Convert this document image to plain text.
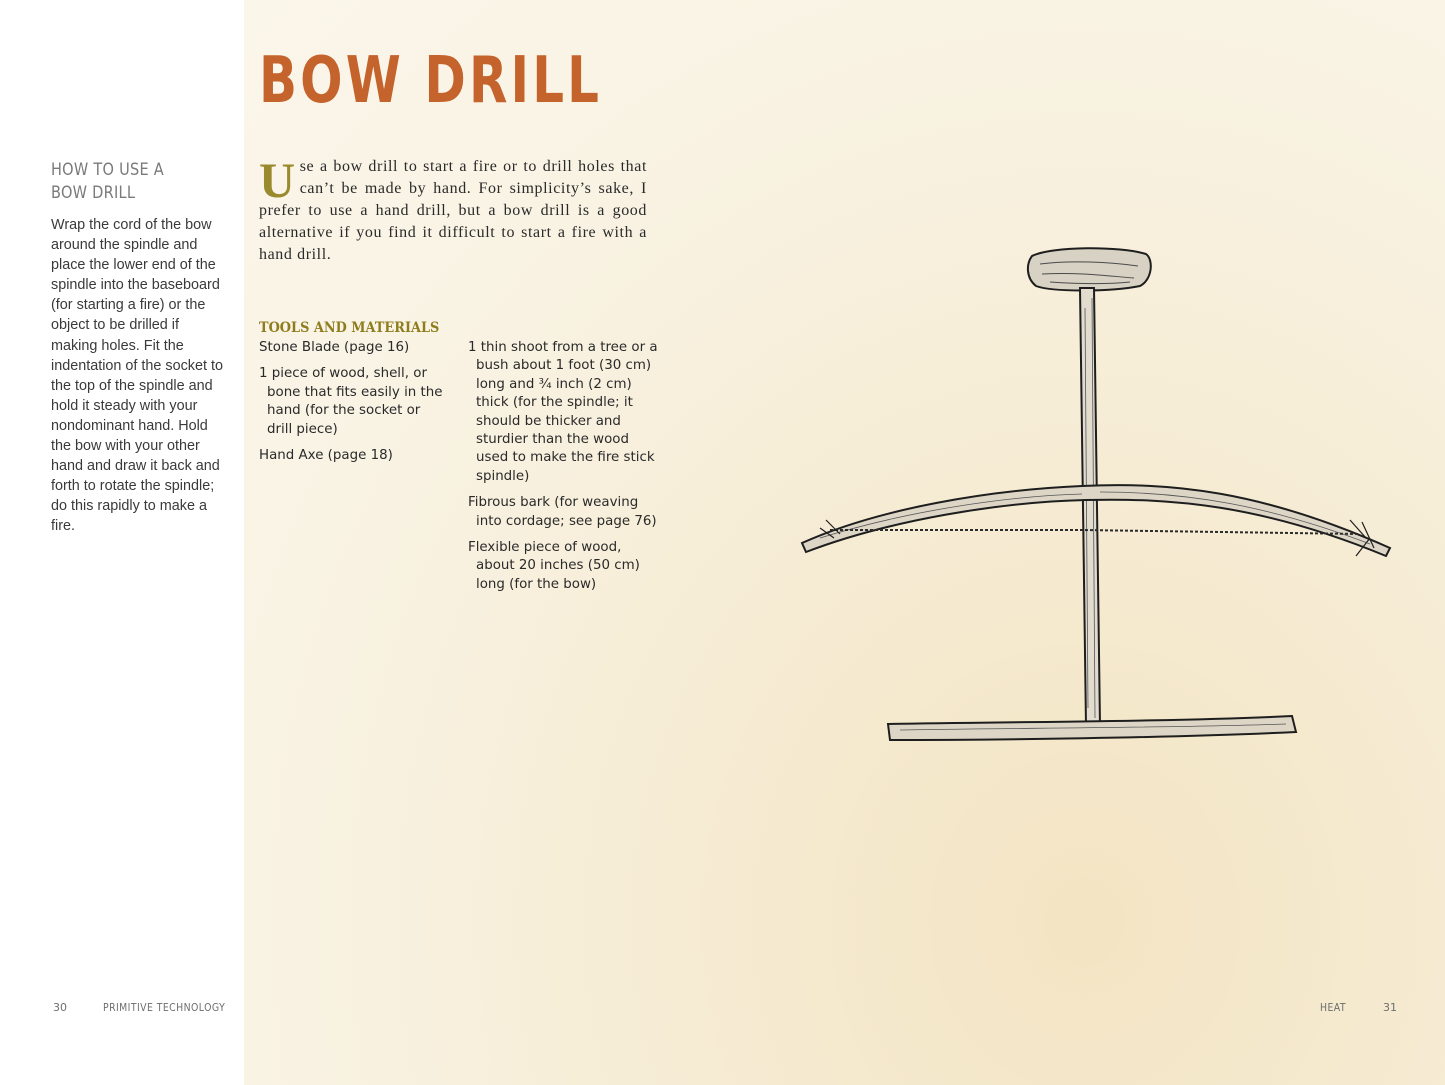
HOW TO USE A
BOW DRILL

Wrap the cord of the bow around the spindle and place the lower end of the spindle into the baseboard (for starting a fire) or the object to be drilled if making holes. Fit the indentation of the socket to the top of the spindle and hold it steady with your nondominant hand. Hold the bow with your other hand and draw it back and forth to rotate the spindle; do this rapidly to make a fire.

BOW DRILL

Use a bow drill to start a fire or to drill holes that can’t be made by hand. For simplicity’s sake, I prefer to use a hand drill, but a bow drill is a good alternative if you find it difficult to start a fire with a hand drill.

TOOLS AND MATERIALS
Stone Blade (page 16)
1 piece of wood, shell, or bone that fits easily in the hand (for the socket or drill piece)
Hand Axe (page 18)
1 thin shoot from a tree or a bush about 1 foot (30 cm) long and ¾ inch (2 cm) thick (for the spindle; it should be thicker and sturdier than the wood used to make the fire stick spindle)
Fibrous bark (for weaving into cordage; see page 76)
Flexible piece of wood, about 20 inches (50 cm) long (for the bow)
30	PRIMITIVE TECHNOLOGY	HEAT	31
